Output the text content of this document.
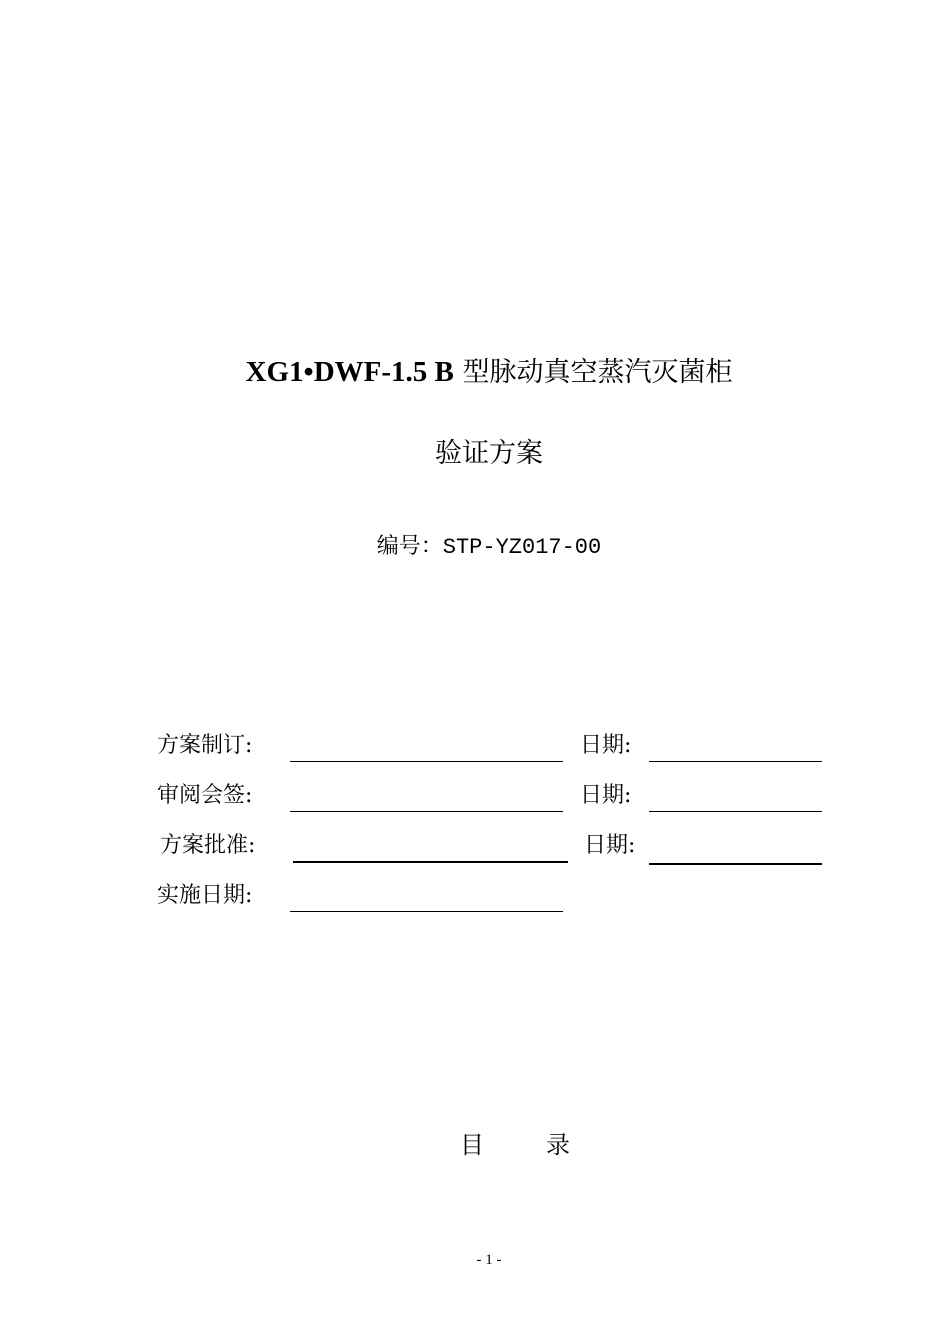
XG1•DWF-1.5 B 型脉动真空蒸汽灭菌柜
验证方案
编号：STP-YZ017-00
方案制订:	日期:
审阅会签:	日期:
方案批准:	日期:
实施日期:
目	录
- 1 -
